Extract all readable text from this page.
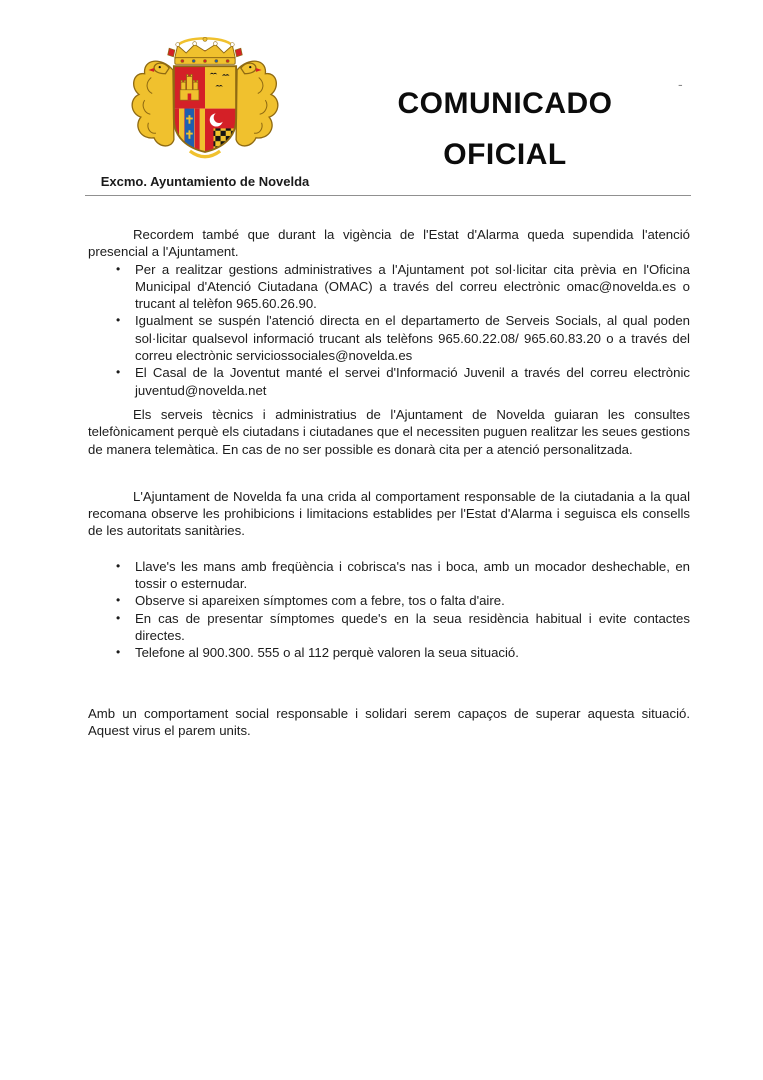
Excmo. Ayuntamiento de Novelda
COMUNICADO
OFICIAL
-

Recordem també que durant la vigència de l'Estat d'Alarma queda supendida l'atenció presencial a l'Ajuntament.

• Per a realitzar gestions administratives a l'Ajuntament pot sol·licitar cita prèvia en l'Oficina Municipal d'Atenció Ciutadana (OMAC) a través del correu electrònic omac@novelda.es o trucant al telèfon 965.60.26.90.
• Igualment se suspén l'atenció directa en el departamerto de Serveis Socials, al qual poden sol·licitar qualsevol informació trucant als telèfons 965.60.22.08/ 965.60.83.20 o a través del correu electrònic serviciossociales@novelda.es
• El Casal de la Joventut manté el servei d'Informació Juvenil a través del correu electrònic juventud@novelda.net

Els serveis tècnics i administratius de l'Ajuntament de Novelda guiaran les consultes telefònicament perquè els ciutadans i ciutadanes que el necessiten puguen realitzar les seues gestions de manera telemàtica. En cas de no ser possible es donarà cita per a atenció personalitzada.

L'Ajuntament de Novelda fa una crida al comportament responsable de la ciutadania a la qual recomana observe les prohibicions i limitacions establides per l'Estat d'Alarma i seguisca els consells de les autoritats sanitàries.

• Llave's les mans amb freqüència i cobrisca's nas i boca, amb un mocador deshechable, en tossir o esternudar.
• Observe si apareixen símptomes com a febre, tos o falta d'aire.
• En cas de presentar símptomes quede's en la seua residència habitual i evite contactes directes.
• Telefone al 900.300. 555 o al 112 perquè valoren la seua situació.

Amb un comportament social responsable i solidari serem capaços de superar aquesta situació. Aquest virus el parem units.
